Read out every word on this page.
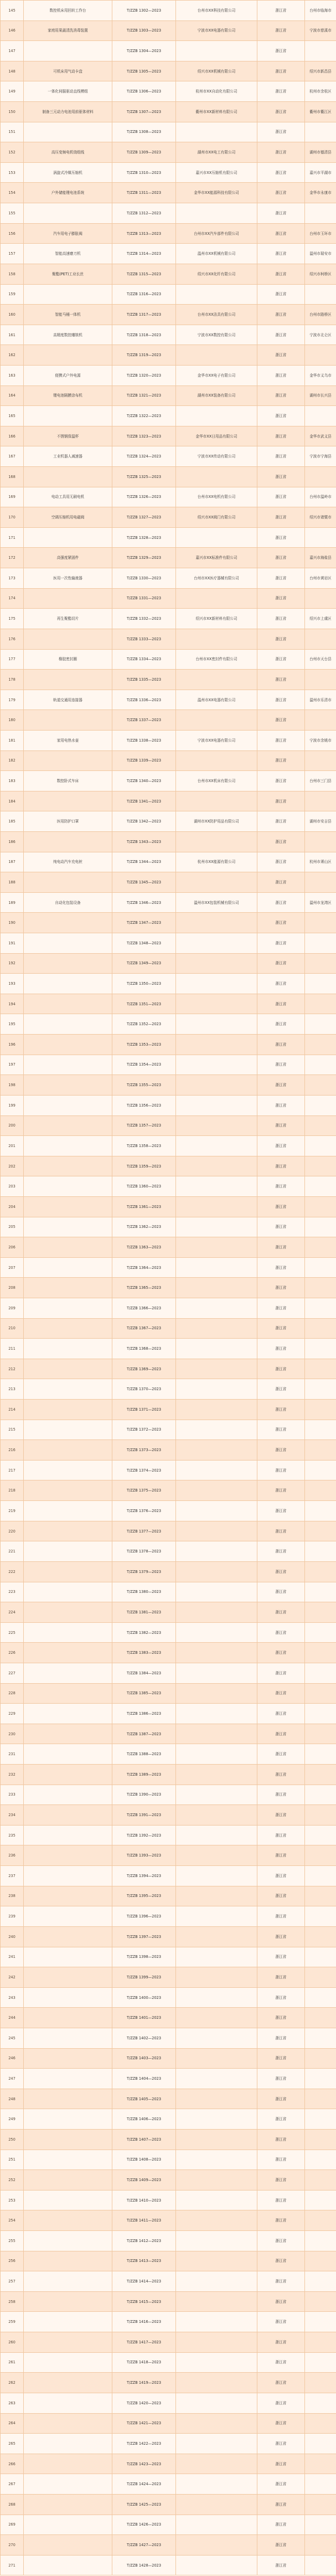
145	数控机床用回转工作台	T/ZZB 1302—2023	台州市XX科技有限公司	浙江省	台州市临海市
146	家庭用果蔬清洗消毒装置	T/ZZB 1303—2023	宁波市XX电器有限公司	浙江省	宁波市慈溪市
147		T/ZZB 1304—2023		浙江省	
148	可机床用气动卡盘	T/ZZB 1305—2023	绍兴市XX机械有限公司	浙江省	绍兴市新昌县
149	一体化伺服驱动直线模组	T/ZZB 1306—2023	杭州市XX自动化有限公司	浙江省	杭州市余杭区
150	制备三元动力电池用前驱体材料	T/ZZB 1307—2023	衢州市XX新材料有限公司	浙江省	衢州市衢江区
151		T/ZZB 1308—2023		浙江省	
152	高压变频电机绕组线	T/ZZB 1309—2023	湖州市XX电工有限公司	浙江省	湖州市德清县
153	涡旋式冷媒压缩机	T/ZZB 1310—2023	嘉兴市XX压缩机有限公司	浙江省	嘉兴市平湖市
154	户外储能锂电池系统	T/ZZB 1311—2023	金华市XX能源科技有限公司	浙江省	金华市永康市
155		T/ZZB 1312—2023		浙江省	
156	汽车用电子膨胀阀	T/ZZB 1313—2023	台州市XX汽车部件有限公司	浙江省	台州市玉环市
157	智能高速磨刀机	T/ZZB 1314—2023	温州市XX机械有限公司	浙江省	温州市瑞安市
158	聚酯(PET)工业长丝	T/ZZB 1315—2023	绍兴市XX化纤有限公司	浙江省	绍兴市柯桥区
159		T/ZZB 1316—2023		浙江省	
160	智能马桶一体机	T/ZZB 1317—2023	台州市XX洁具有限公司	浙江省	台州市路桥区
161	高精度数控雕铣机	T/ZZB 1318—2023	宁波市XX数控有限公司	浙江省	宁波市北仑区
162		T/ZZB 1319—2023		浙江省	
163	便携式户外电源	T/ZZB 1320—2023	金华市XX电子有限公司	浙江省	金华市义乌市
164	锂电池隔膜涂布机	T/ZZB 1321—2023	湖州市XX装备有限公司	浙江省	湖州市长兴县
165		T/ZZB 1322—2023		浙江省	
166	不锈钢保温杯	T/ZZB 1323—2023	金华市XX日用品有限公司	浙江省	金华市武义县
167	工业机器人减速器	T/ZZB 1324—2023	宁波市XX传动有限公司	浙江省	宁波市宁海县
168		T/ZZB 1325—2023		浙江省	
169	电动工具用无刷电机	T/ZZB 1326—2023	台州市XX电机有限公司	浙江省	台州市温岭市
170	空调压缩机用电磁阀	T/ZZB 1327—2023	绍兴市XX阀门有限公司	浙江省	绍兴市诸暨市
171		T/ZZB 1328—2023		浙江省	
172	高强度紧固件	T/ZZB 1329—2023	嘉兴市XX标准件有限公司	浙江省	嘉兴市海盐县
173	医用一次性输液器	T/ZZB 1330—2023	台州市XX医疗器械有限公司	浙江省	台州市黄岩区
174		T/ZZB 1331—2023		浙江省	
175	再生聚酯切片	T/ZZB 1332—2023	绍兴市XX新材料有限公司	浙江省	绍兴市上虞区
176		T/ZZB 1333—2023		浙江省	
177	橡胶密封圈	T/ZZB 1334—2023	台州市XX密封件有限公司	浙江省	台州市天台县
178		T/ZZB 1335—2023		浙江省	
179	轨道交通用连接器	T/ZZB 1336—2023	温州市XX电器有限公司	浙江省	温州市乐清市
180		T/ZZB 1337—2023		浙江省	
181	家用电热水壶	T/ZZB 1338—2023	宁波市XX电器有限公司	浙江省	宁波市余姚市
182		T/ZZB 1339—2023		浙江省	
183	数控卧式车床	T/ZZB 1340—2023	台州市XX机床有限公司	浙江省	台州市三门县
184		T/ZZB 1341—2023		浙江省	
185	医用防护口罩	T/ZZB 1342—2023	湖州市XX防护用品有限公司	浙江省	湖州市安吉县
186		T/ZZB 1343—2023		浙江省	
187	纯电动汽车充电桩	T/ZZB 1344—2023	杭州市XX能源有限公司	浙江省	杭州市萧山区
188		T/ZZB 1345—2023		浙江省	
189	自动化包装设备	T/ZZB 1346—2023	温州市XX包装机械有限公司	浙江省	温州市龙湾区
190		T/ZZB 1347—2023		浙江省	
191		T/ZZB 1348—2023		浙江省	
192		T/ZZB 1349—2023		浙江省	
193		T/ZZB 1350—2023		浙江省	
194		T/ZZB 1351—2023		浙江省	
195		T/ZZB 1352—2023		浙江省	
196		T/ZZB 1353—2023		浙江省	
197		T/ZZB 1354—2023		浙江省	
198		T/ZZB 1355—2023		浙江省	
199		T/ZZB 1356—2023		浙江省	
200		T/ZZB 1357—2023		浙江省	
201		T/ZZB 1358—2023		浙江省	
202		T/ZZB 1359—2023		浙江省	
203		T/ZZB 1360—2023		浙江省	
204		T/ZZB 1361—2023		浙江省	
205		T/ZZB 1362—2023		浙江省	
206		T/ZZB 1363—2023		浙江省	
207		T/ZZB 1364—2023		浙江省	
208		T/ZZB 1365—2023		浙江省	
209		T/ZZB 1366—2023		浙江省	
210		T/ZZB 1367—2023		浙江省	
211		T/ZZB 1368—2023		浙江省	
212		T/ZZB 1369—2023		浙江省	
213		T/ZZB 1370—2023		浙江省	
214		T/ZZB 1371—2023		浙江省	
215		T/ZZB 1372—2023		浙江省	
216		T/ZZB 1373—2023		浙江省	
217		T/ZZB 1374—2023		浙江省	
218		T/ZZB 1375—2023		浙江省	
219		T/ZZB 1376—2023		浙江省	
220		T/ZZB 1377—2023		浙江省	
221		T/ZZB 1378—2023		浙江省	
222		T/ZZB 1379—2023		浙江省	
223		T/ZZB 1380—2023		浙江省	
224		T/ZZB 1381—2023		浙江省	
225		T/ZZB 1382—2023		浙江省	
226		T/ZZB 1383—2023		浙江省	
227		T/ZZB 1384—2023		浙江省	
228		T/ZZB 1385—2023		浙江省	
229		T/ZZB 1386—2023		浙江省	
230		T/ZZB 1387—2023		浙江省	
231		T/ZZB 1388—2023		浙江省	
232		T/ZZB 1389—2023		浙江省	
233		T/ZZB 1390—2023		浙江省	
234		T/ZZB 1391—2023		浙江省	
235		T/ZZB 1392—2023		浙江省	
236		T/ZZB 1393—2023		浙江省	
237		T/ZZB 1394—2023		浙江省	
238		T/ZZB 1395—2023		浙江省	
239		T/ZZB 1396—2023		浙江省	
240		T/ZZB 1397—2023		浙江省	
241		T/ZZB 1398—2023		浙江省	
242		T/ZZB 1399—2023		浙江省	
243		T/ZZB 1400—2023		浙江省	
244		T/ZZB 1401—2023		浙江省	
245		T/ZZB 1402—2023		浙江省	
246		T/ZZB 1403—2023		浙江省	
247		T/ZZB 1404—2023		浙江省	
248		T/ZZB 1405—2023		浙江省	
249		T/ZZB 1406—2023		浙江省	
250		T/ZZB 1407—2023		浙江省	
251		T/ZZB 1408—2023		浙江省	
252		T/ZZB 1409—2023		浙江省	
253		T/ZZB 1410—2023		浙江省	
254		T/ZZB 1411—2023		浙江省	
255		T/ZZB 1412—2023		浙江省	
256		T/ZZB 1413—2023		浙江省	
257		T/ZZB 1414—2023		浙江省	
258		T/ZZB 1415—2023		浙江省	
259		T/ZZB 1416—2023		浙江省	
260		T/ZZB 1417—2023		浙江省	
261		T/ZZB 1418—2023		浙江省	
262		T/ZZB 1419—2023		浙江省	
263		T/ZZB 1420—2023		浙江省	
264		T/ZZB 1421—2023		浙江省	
265		T/ZZB 1422—2023		浙江省	
266		T/ZZB 1423—2023		浙江省	
267		T/ZZB 1424—2023		浙江省	
268		T/ZZB 1425—2023		浙江省	
269		T/ZZB 1426—2023		浙江省	
270		T/ZZB 1427—2023		浙江省	
271		T/ZZB 1428—2023		浙江省	
